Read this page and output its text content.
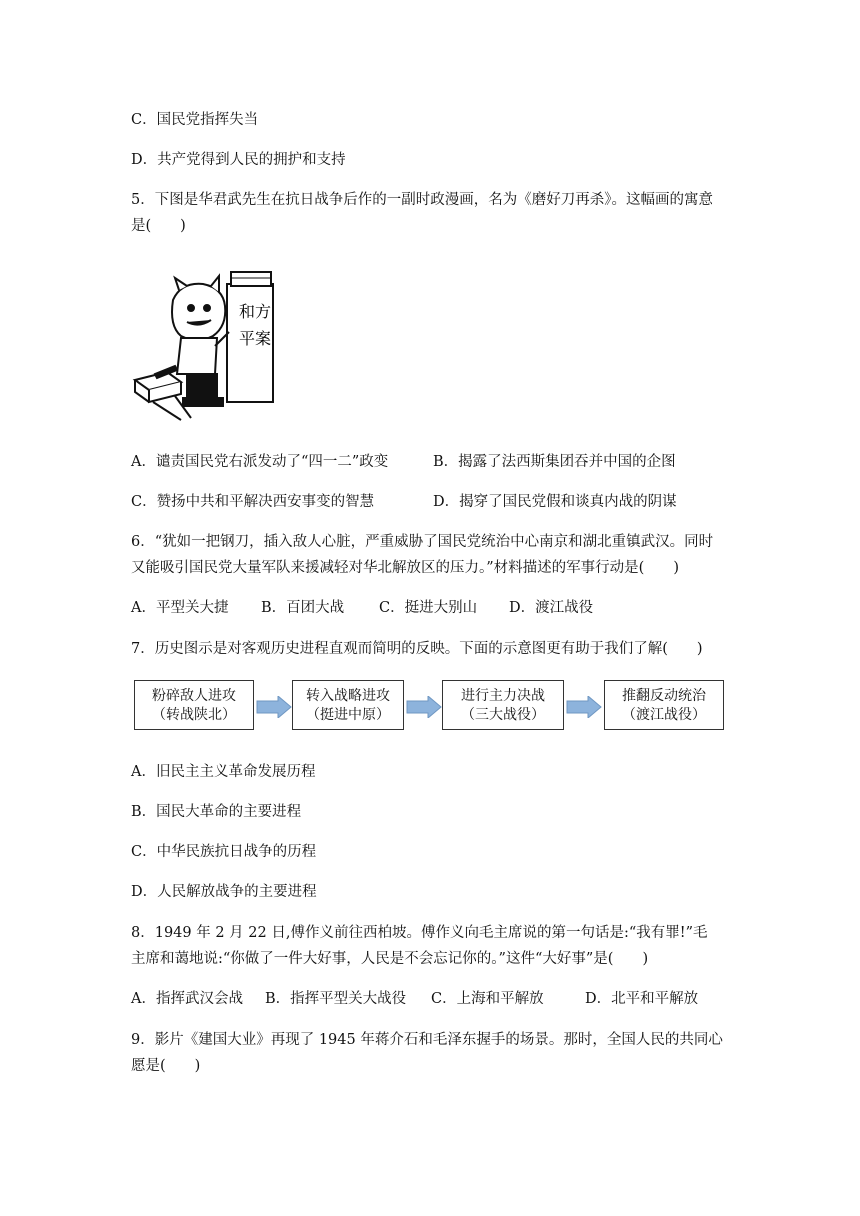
C．国民党指挥失当
D．共产党得到人民的拥护和支持
5．下图是华君武先生在抗日战争后作的一副时政漫画，名为《磨好刀再杀》。这幅画的寓意
是(　　)
和 方
平 案
A．谴责国民党右派发动了“四一二”政变	B．揭露了法西斯集团吞并中国的企图
C．赞扬中共和平解决西安事变的智慧	D．揭穿了国民党假和谈真内战的阴谋
6．“犹如一把钢刀，插入敌人心脏，严重威胁了国民党统治中心南京和湖北重镇武汉。同时
又能吸引国民党大量军队来援减轻对华北解放区的压力。”材料描述的军事行动是(　　)
A．平型关大捷 B．百团大战 C．挺进大别山 D．渡江战役
7．历史图示是对客观历史进程直观而简明的反映。下面的示意图更有助于我们了解(　　)
粉碎敌人进攻
（转战陕北）
转入战略进攻
（挺进中原）
进行主力决战
（三大战役）
推翻反动统治
（渡江战役）
A．旧民主主义革命发展历程
B．国民大革命的主要进程
C．中华民族抗日战争的历程
D．人民解放战争的主要进程
8．1949 年 2 月 22 日,傅作义前往西柏坡。傅作义向毛主席说的第一句话是:“我有罪!”毛
主席和蔼地说:“你做了一件大好事，人民是不会忘记你的。”这件“大好事”是(　　)
A．指挥武汉会战 B．指挥平型关大战役 C．上海和平解放	D．北平和平解放
9．影片《建国大业》再现了 1945 年蒋介石和毛泽东握手的场景。那时，全国人民的共同心
愿是(　　)
